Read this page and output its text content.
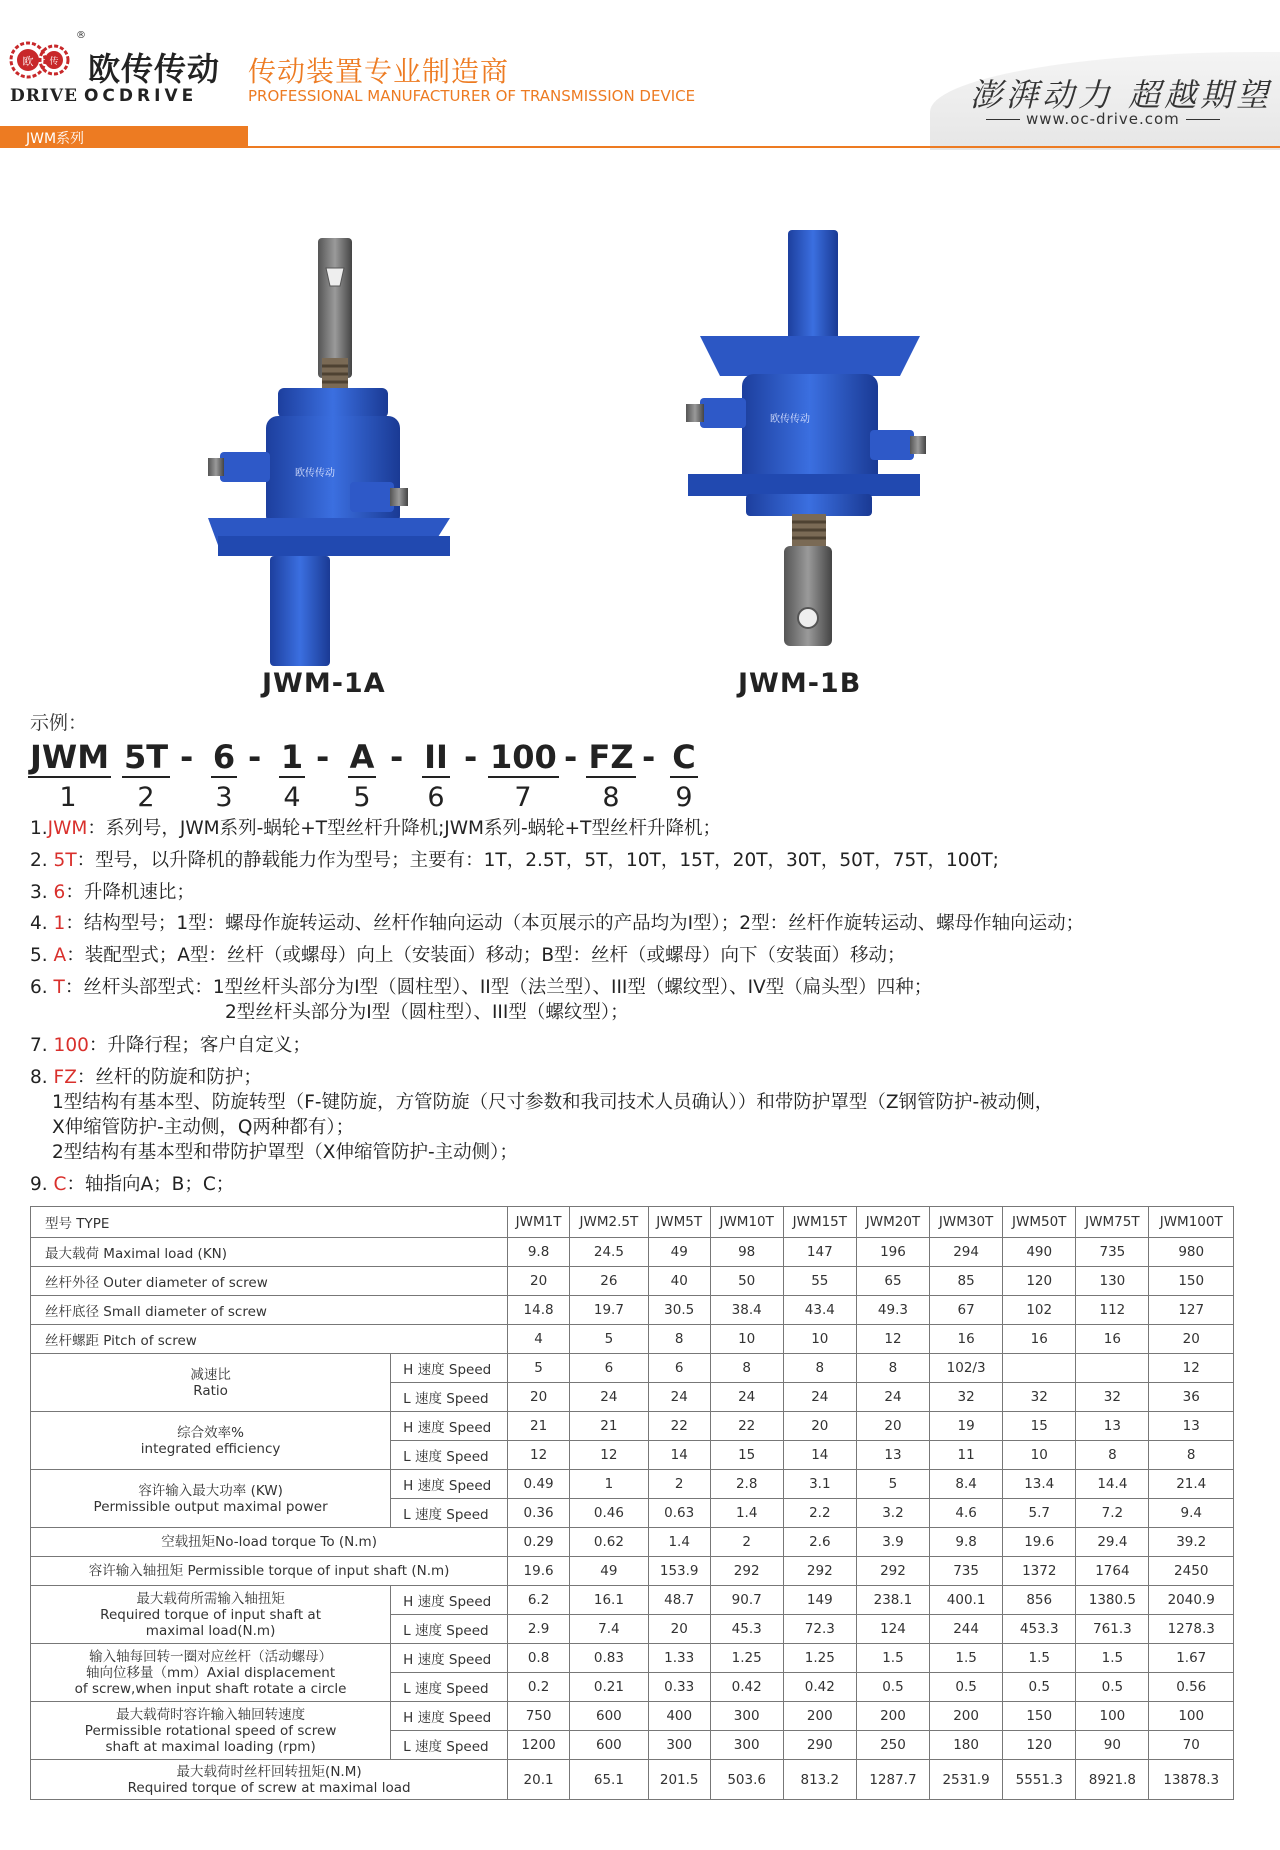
欧 传
®
欧传传动
DRIVE OCDRIVE
传动装置专业制造商
PROFESSIONAL MANUFACTURER OF TRANSMISSION DEVICE	澎湃动力 超越期望
www.oc-drive.com
JWM系列
欧传传动
JWM-1A
欧传传动
JWM-1B
示例：
JWM 5T - 6 - 1 - A - II - 100 - FZ - C
1	2	3	4	5	6	7	8	9
1.JWM：系列号，JWM系列-蜗轮+T型丝杆升降机;JWM系列-蜗轮+T型丝杆升降机；
2. 5T：型号，以升降机的静载能力作为型号；主要有：1T，2.5T，5T，10T，15T，20T，30T，50T，75T，100T;
3. 6：升降机速比；
4. 1：结构型号；1型：螺母作旋转运动、丝杆作轴向运动（本页展示的产品均为I型）；2型：丝杆作旋转运动、螺母作轴向运动；
5. A：装配型式；A型：丝杆（或螺母）向上（安装面）移动；B型：丝杆（或螺母）向下（安装面）移动；
6. T：丝杆头部型式：1型丝杆头部分为I型（圆柱型）、II型（法兰型）、III型（螺纹型）、IV型（扁头型）四种；
2型丝杆头部分为I型（圆柱型）、III型（螺纹型）；
7. 100：升降行程；客户自定义；
8. FZ：丝杆的防旋和防护；
1型结构有基本型、防旋转型（F-键防旋，方管防旋（尺寸参数和我司技术人员确认））和带防护罩型（Z钢管防护-被动侧，
X伸缩管防护-主动侧，Q两种都有）；
2型结构有基本型和带防护罩型（X伸缩管防护-主动侧）；
9. C：轴指向A；B；C；
型号 TYPE		JWM1T	JWM2.5T	JWM5T	JWM10T	JWM15T	JWM20T	JWM30T	JWM50T	JWM75T	JWM100T
最大载荷 Maximal load (KN)		9.8	24.5	49	98	147	196	294	490	735	980
丝杆外径 Outer diameter of screw		20	26	40	50	55	65	85	120	130	150
丝杆底径 Small diameter of screw		14.8	19.7	30.5	38.4	43.4	49.3	67	102	112	127
丝杆螺距 Pitch of screw		4	5	8	10	10	12	16	16	16	20
减速比
Ratio	H 速度 Speed	5	6	6	8	8	8	102/3			12
	L 速度 Speed	20	24	24	24	24	24	32	32	32	36
综合效率%
integrated efficiency	H 速度 Speed	21	21	22	22	20	20	19	15	13	13
	L 速度 Speed	12	12	14	15	14	13	11	10	8	8
容许输入最大功率 (KW)
Permissible output maximal power	H 速度 Speed	0.49	1	2	2.8	3.1	5	8.4	13.4	14.4	21.4
	L 速度 Speed	0.36	0.46	0.63	1.4	2.2	3.2	4.6	5.7	7.2	9.4
空载扭矩No-load torque To (N.m)		0.29	0.62	1.4	2	2.6	3.9	9.8	19.6	29.4	39.2
容许输入轴扭矩 Permissible torque of input shaft (N.m)		19.6	49	153.9	292	292	292	735	1372	1764	2450
最大载荷所需输入轴扭矩
Required torque of input shaft at
maximal load(N.m)	H 速度 Speed	6.2	16.1	48.7	90.7	149	238.1	400.1	856	1380.5	2040.9
	L 速度 Speed	2.9	7.4	20	45.3	72.3	124	244	453.3	761.3	1278.3
输入轴每回转一圈对应丝杆（活动螺母）
轴向位移量（mm）Axial displacement
of screw,when input shaft rotate a circle	H 速度 Speed	0.8	0.83	1.33	1.25	1.25	1.5	1.5	1.5	1.5	1.67
	L 速度 Speed	0.2	0.21	0.33	0.42	0.42	0.5	0.5	0.5	0.5	0.56
最大载荷时容许输入轴回转速度
Permissible rotational speed of screw
shaft at maximal loading (rpm)	H 速度 Speed	750	600	400	300	200	200	200	150	100	100
	L 速度 Speed	1200	600	300	300	290	250	180	120	90	70
最大载荷时丝杆回转扭矩(N.M)
Required torque of screw at maximal load		20.1	65.1	201.5	503.6	813.2	1287.7	2531.9	5551.3	8921.8	13878.3
